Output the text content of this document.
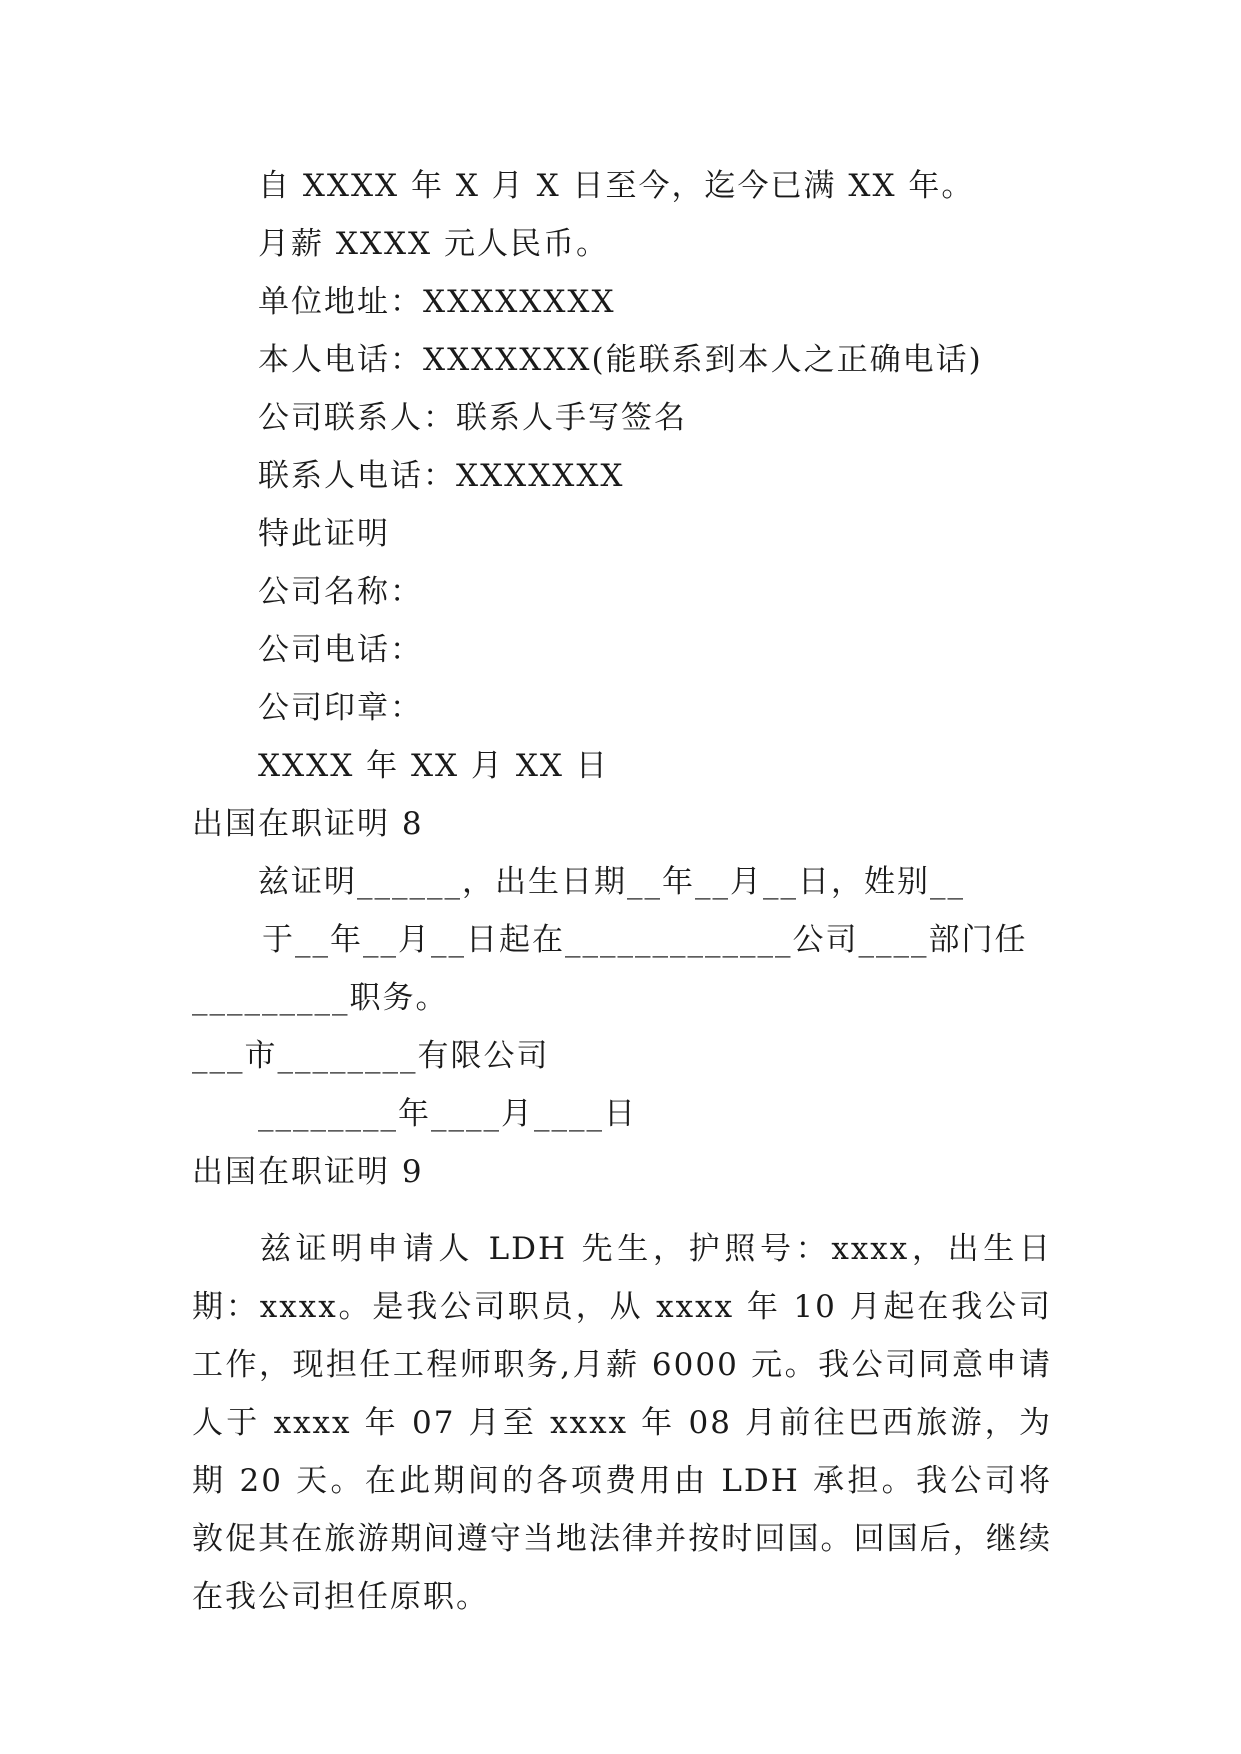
自 XXXX 年 X 月 X 日至今，迄今已满 XX 年。
月薪 XXXX 元人民币。
单位地址：XXXXXXXX
本人电话：XXXXXXX(能联系到本人之正确电话)
公司联系人：联系人手写签名
联系人电话：XXXXXXX
特此证明
公司名称：
公司电话：
公司印章：
XXXX 年 XX 月 XX 日
出国在职证明 8
兹证明______，出生日期__年__月__日，姓别__
于__年__月__日起在_____________公司____部门任
_________职务。
___市________有限公司
________年____月____日
出国在职证明 9

兹证明申请人 LDH 先生，护照号：xxxx，出生日期：xxxx。是我公司职员，从 xxxx 年 10 月起在我公司工作，现担任工程师职务,月薪 6000 元。我公司同意申请人于 xxxx 年 07 月至 xxxx 年 08 月前往巴西旅游，为期 20 天。在此期间的各项费用由 LDH 承担。我公司将敦促其在旅游期间遵守当地法律并按时回国。回国后，继续在我公司担任原职。
